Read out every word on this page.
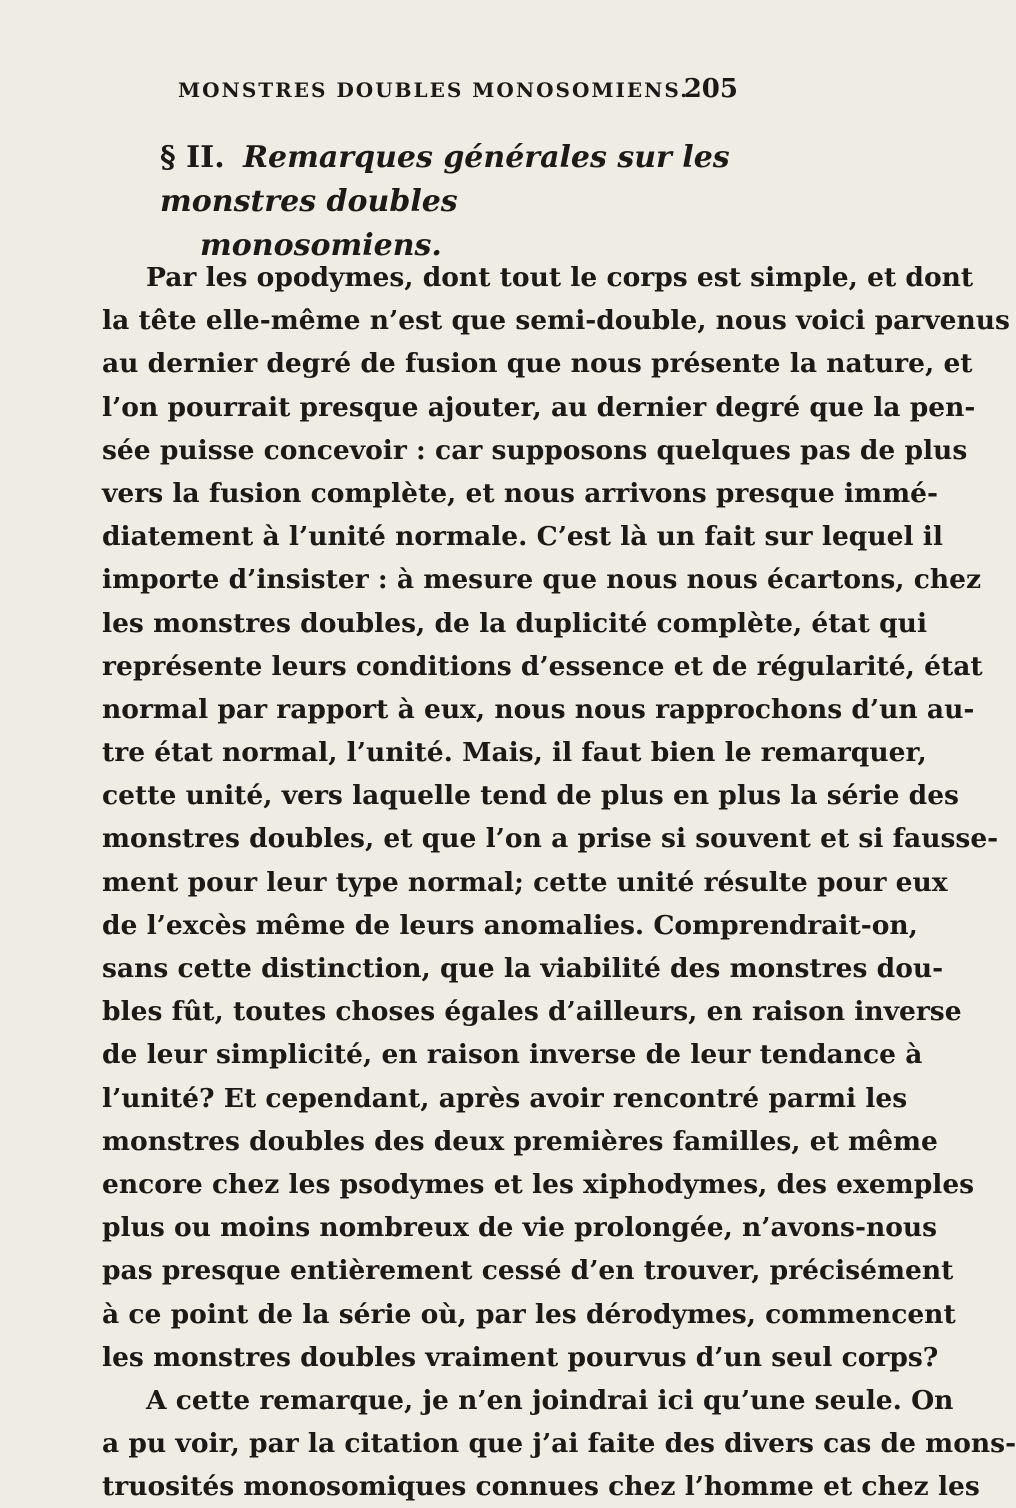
MONSTRES DOUBLES MONOSOMIENS.
205
§ II. Remarques générales sur les monstres doubles
monosomiens.
Par les opodymes, dont tout le corps est simple, et dont
la tête elle-même n’est que semi-double, nous voici parvenus
au dernier degré de fusion que nous présente la nature, et
l’on pourrait presque ajouter, au dernier degré que la pen-
sée puisse concevoir : car supposons quelques pas de plus
vers la fusion complète, et nous arrivons presque immé-
diatement à l’unité normale. C’est là un fait sur lequel il
importe d’insister : à mesure que nous nous écartons, chez
les monstres doubles, de la duplicité complète, état qui
représente leurs conditions d’essence et de régularité, état
normal par rapport à eux, nous nous rapprochons d’un au-
tre état normal, l’unité. Mais, il faut bien le remarquer,
cette unité, vers laquelle tend de plus en plus la série des
monstres doubles, et que l’on a prise si souvent et si fausse-
ment pour leur type normal; cette unité résulte pour eux
de l’excès même de leurs anomalies. Comprendrait-on,
sans cette distinction, que la viabilité des monstres dou-
bles fût, toutes choses égales d’ailleurs, en raison inverse
de leur simplicité, en raison inverse de leur tendance à
l’unité? Et cependant, après avoir rencontré parmi les
monstres doubles des deux premières familles, et même
encore chez les psodymes et les xiphodymes, des exemples
plus ou moins nombreux de vie prolongée, n’avons-nous
pas presque entièrement cessé d’en trouver, précisément
à ce point de la série où, par les dérodymes, commencent
les monstres doubles vraiment pourvus d’un seul corps?
A cette remarque, je n’en joindrai ici qu’une seule. On
a pu voir, par la citation que j’ai faite des divers cas de mons-
truosités monosomiques connues chez l’homme et chez les
